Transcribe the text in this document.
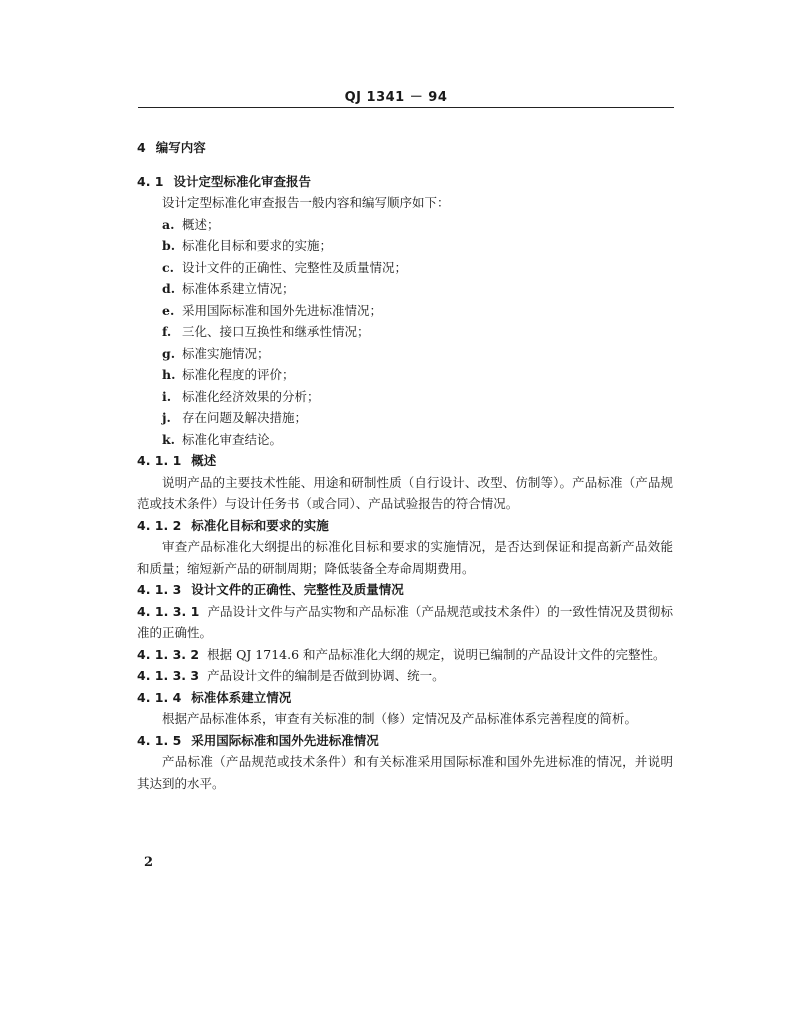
QJ 1341 － 94
4 编写内容
4. 1 设计定型标准化审查报告
设计定型标准化审查报告一般内容和编写顺序如下：
a. 概述；
b. 标准化目标和要求的实施；
c. 设计文件的正确性、完整性及质量情况；
d. 标准体系建立情况；
e. 采用国际标准和国外先进标准情况；
f. 三化、接口互换性和继承性情况；
g. 标准实施情况；
h. 标准化程度的评价；
i. 标准化经济效果的分析；
j. 存在问题及解决措施；
k. 标准化审查结论。
4. 1. 1 概述
说明产品的主要技术性能、用途和研制性质（自行设计、改型、仿制等）。产品标准（产品规范或技术条件）与设计任务书（或合同）、产品试验报告的符合情况。
4. 1. 2 标准化目标和要求的实施
审查产品标准化大纲提出的标准化目标和要求的实施情况，是否达到保证和提高新产品效能和质量；缩短新产品的研制周期；降低装备全寿命周期费用。
4. 1. 3 设计文件的正确性、完整性及质量情况
4. 1. 3. 1 产品设计文件与产品实物和产品标准（产品规范或技术条件）的一致性情况及贯彻标准的正确性。
4. 1. 3. 2 根据 QJ 1714.6 和产品标准化大纲的规定，说明已编制的产品设计文件的完整性。
4. 1. 3. 3 产品设计文件的编制是否做到协调、统一。
4. 1. 4 标准体系建立情况
根据产品标准体系，审查有关标准的制（修）定情况及产品标准体系完善程度的简析。
4. 1. 5 采用国际标准和国外先进标准情况
产品标准（产品规范或技术条件）和有关标准采用国际标准和国外先进标准的情况，并说明其达到的水平。
2
